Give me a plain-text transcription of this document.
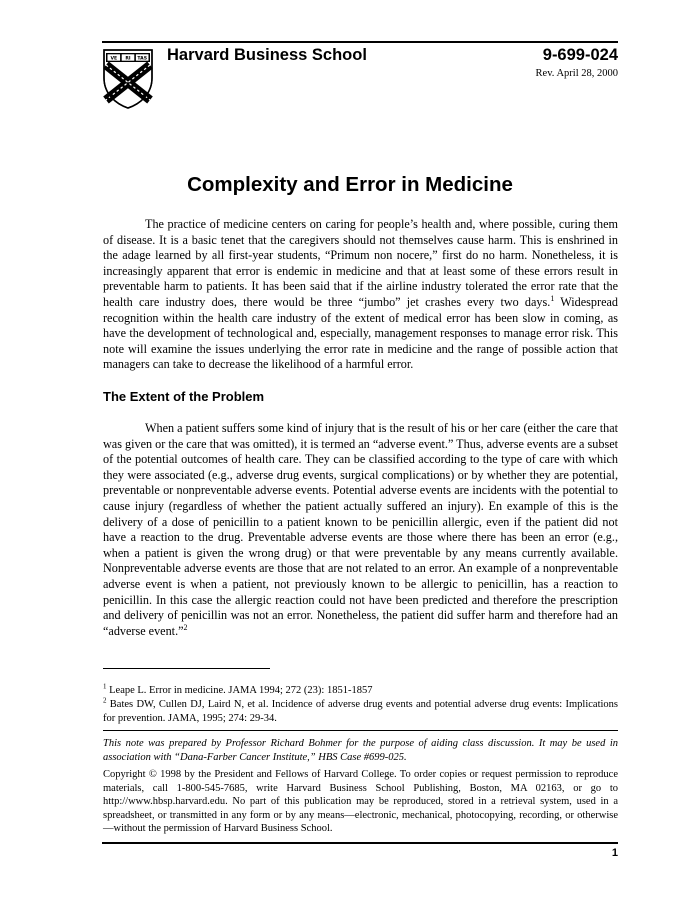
VE RI TAS Harvard Business School	9-699-024
Rev. April 28, 2000
Complexity and Error in Medicine

The practice of medicine centers on caring for people’s health and, where possible, curing them of disease. It is a basic tenet that the caregivers should not themselves cause harm. This is enshrined in the adage learned by all first-year students, “Primum non nocere,” first do no harm. Nonetheless, it is increasingly apparent that error is endemic in medicine and that at least some of these errors result in preventable harm to patients. It has been said that if the airline industry tolerated the error rate that the health care industry does, there would be three “jumbo” jet crashes every two days.$^1$ Widespread recognition within the health care industry of the extent of medical error has been slow in coming, as have the development of technological and, especially, management responses to manage error risk. This note will examine the issues underlying the error rate in medicine and the range of possible action that managers can take to decrease the likelihood of a harmful error.

The Extent of the Problem

When a patient suffers some kind of injury that is the result of his or her care (either the care that was given or the care that was omitted), it is termed an “adverse event.” Thus, adverse events are a subset of the potential outcomes of health care. They can be classified according to the type of care with which they were associated (e.g., adverse drug events, surgical complications) or by whether they are potential, preventable or nonpreventable adverse events. Potential adverse events are incidents with the potential to cause injury (regardless of whether the patient actually suffered an injury). En example of this is the delivery of a dose of penicillin to a patient known to be penicillin allergic, even if the patient did not have a reaction to the drug. Preventable adverse events are those where there has been an error (e.g., when a patient is given the wrong drug) or that were preventable by any means currently available. Nonpreventable adverse events are those that are not related to an error. An example of a nonpreventable adverse event is when a patient, not previously known to be allergic to penicillin, has a reaction to penicillin. In this case the allergic reaction could not have been predicted and therefore the prescription and delivery of penicillin was not an error. Nonetheless, the patient did suffer harm and therefore had an “adverse event.”$^2$

$^1$ Leape L. Error in medicine. JAMA 1994; 272 (23): 1851-1857

$^2$ Bates DW, Cullen DJ, Laird N, et al. Incidence of adverse drug events and potential adverse drug events: Implications for prevention. JAMA, 1995; 274: 29-34.

This note was prepared by Professor Richard Bohmer for the purpose of aiding class discussion. It may be used in association with “Dana-Farber Cancer Institute,” HBS Case #699-025.

Copyright © 1998 by the President and Fellows of Harvard College. To order copies or request permission to reproduce materials, call 1-800-545-7685, write Harvard Business School Publishing, Boston, MA 02163, or go to http://www.hbsp.harvard.edu. No part of this publication may be reproduced, stored in a retrieval system, used in a spreadsheet, or transmitted in any form or by any means—electronic, mechanical, photocopying, recording, or otherwise—without the permission of Harvard Business School.

1
